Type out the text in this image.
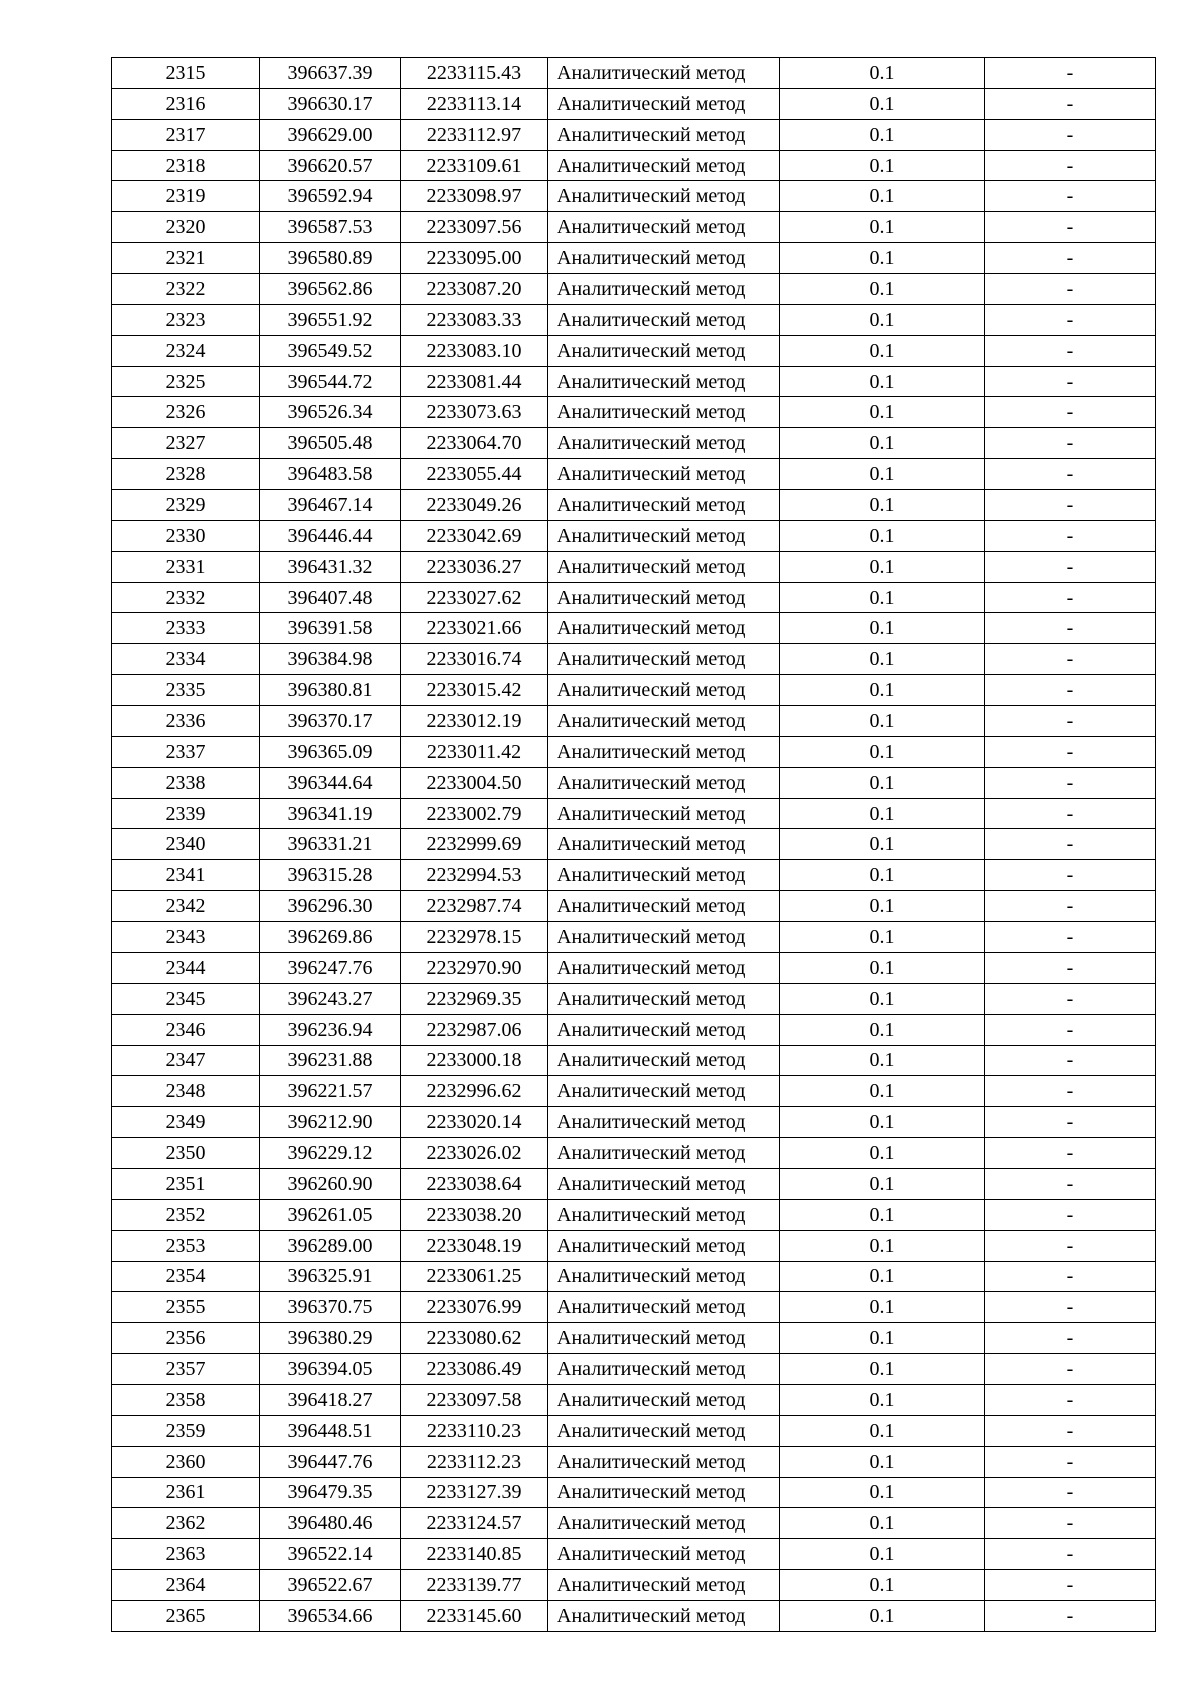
2315	396637.39	2233115.43	Аналитический метод	0.1	-
2316	396630.17	2233113.14	Аналитический метод	0.1	-
2317	396629.00	2233112.97	Аналитический метод	0.1	-
2318	396620.57	2233109.61	Аналитический метод	0.1	-
2319	396592.94	2233098.97	Аналитический метод	0.1	-
2320	396587.53	2233097.56	Аналитический метод	0.1	-
2321	396580.89	2233095.00	Аналитический метод	0.1	-
2322	396562.86	2233087.20	Аналитический метод	0.1	-
2323	396551.92	2233083.33	Аналитический метод	0.1	-
2324	396549.52	2233083.10	Аналитический метод	0.1	-
2325	396544.72	2233081.44	Аналитический метод	0.1	-
2326	396526.34	2233073.63	Аналитический метод	0.1	-
2327	396505.48	2233064.70	Аналитический метод	0.1	-
2328	396483.58	2233055.44	Аналитический метод	0.1	-
2329	396467.14	2233049.26	Аналитический метод	0.1	-
2330	396446.44	2233042.69	Аналитический метод	0.1	-
2331	396431.32	2233036.27	Аналитический метод	0.1	-
2332	396407.48	2233027.62	Аналитический метод	0.1	-
2333	396391.58	2233021.66	Аналитический метод	0.1	-
2334	396384.98	2233016.74	Аналитический метод	0.1	-
2335	396380.81	2233015.42	Аналитический метод	0.1	-
2336	396370.17	2233012.19	Аналитический метод	0.1	-
2337	396365.09	2233011.42	Аналитический метод	0.1	-
2338	396344.64	2233004.50	Аналитический метод	0.1	-
2339	396341.19	2233002.79	Аналитический метод	0.1	-
2340	396331.21	2232999.69	Аналитический метод	0.1	-
2341	396315.28	2232994.53	Аналитический метод	0.1	-
2342	396296.30	2232987.74	Аналитический метод	0.1	-
2343	396269.86	2232978.15	Аналитический метод	0.1	-
2344	396247.76	2232970.90	Аналитический метод	0.1	-
2345	396243.27	2232969.35	Аналитический метод	0.1	-
2346	396236.94	2232987.06	Аналитический метод	0.1	-
2347	396231.88	2233000.18	Аналитический метод	0.1	-
2348	396221.57	2232996.62	Аналитический метод	0.1	-
2349	396212.90	2233020.14	Аналитический метод	0.1	-
2350	396229.12	2233026.02	Аналитический метод	0.1	-
2351	396260.90	2233038.64	Аналитический метод	0.1	-
2352	396261.05	2233038.20	Аналитический метод	0.1	-
2353	396289.00	2233048.19	Аналитический метод	0.1	-
2354	396325.91	2233061.25	Аналитический метод	0.1	-
2355	396370.75	2233076.99	Аналитический метод	0.1	-
2356	396380.29	2233080.62	Аналитический метод	0.1	-
2357	396394.05	2233086.49	Аналитический метод	0.1	-
2358	396418.27	2233097.58	Аналитический метод	0.1	-
2359	396448.51	2233110.23	Аналитический метод	0.1	-
2360	396447.76	2233112.23	Аналитический метод	0.1	-
2361	396479.35	2233127.39	Аналитический метод	0.1	-
2362	396480.46	2233124.57	Аналитический метод	0.1	-
2363	396522.14	2233140.85	Аналитический метод	0.1	-
2364	396522.67	2233139.77	Аналитический метод	0.1	-
2365	396534.66	2233145.60	Аналитический метод	0.1	-
